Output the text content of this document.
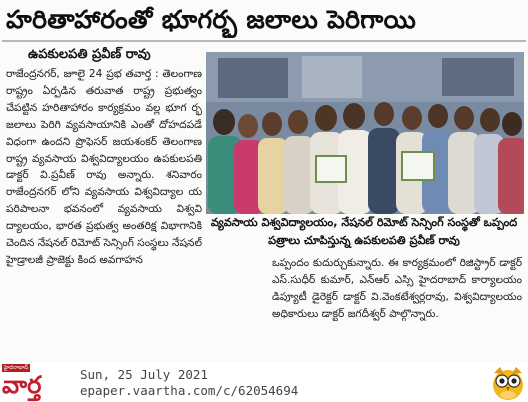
హరితాహారంతో భూగర్భ జలాలు పెరిగాయి
ఉపకులపతి ప్రవీణ్ రావు
రాజేంద్రనగర్, జూలై 24 ప్రభ తవార్త : తెలంగాణ రాష్ట్రం ఏర్పడిన తరువాత రాష్ట్ర ప్రభుత్వం చేపట్టిన హరితాహారం కార్యక్రమం వల్ల భూగ ర్భ జలాలు పెరిగి వ్యవసాయానికి ఎంతో దోహదపడే విధంగా ఉందని ప్రొఫెసర్ జయశంకర్ తెలంగాణ రాష్ట్ర వ్యవసాయ విశ్వవిద్యాలయం ఉపకులపతి డాక్టర్ వి.ప్రవీణ్ రావు అన్నారు. శనివారం రాజేంద్రనగర్ లోని వ్యవసాయ విశ్వవిద్యాల య పరిపాలనా భవనంలో వ్యవసాయ విశ్వవి ద్యాలయం, భారత ప్రభుత్వ అంతరిక్ష విభాగానికి చెందిన నేషనల్ రిమోట్ సెన్సింగ్ సంస్థలు నేషనల్ హైడ్రాలజీ ప్రాజెక్టు కింద అవగాహన
వ్యవసాయ విశ్వవిద్యాలయం, నేషనల్ రిమోట్ సెన్సింగ్ సంస్థతో ఒప్పంద పత్రాలు చూపిస్తున్న ఉపకులపతి ప్రవీణ్ రావు
ఒప్పందం కుదుర్చుకున్నారు. ఈ కార్యక్రమంలో రిజిస్ట్రార్ డాక్టర్ ఎస్.సుధీర్ కుమార్, ఎన్ఆర్ ఎస్సి హైదరాబాద్ కార్యాలయం డిప్యూటీ డైరెక్టర్ డాక్టర్ వి.వెంకటేశ్వర్లరావు, విశ్వవిద్యాలయం అధికారులు డాక్టర్ జగదీశ్వర్ పాల్గొన్నారు.
హైదరాబాద్
వార్త	Sun, 25 July 2021
epaper.vaartha.com/c/62054694
